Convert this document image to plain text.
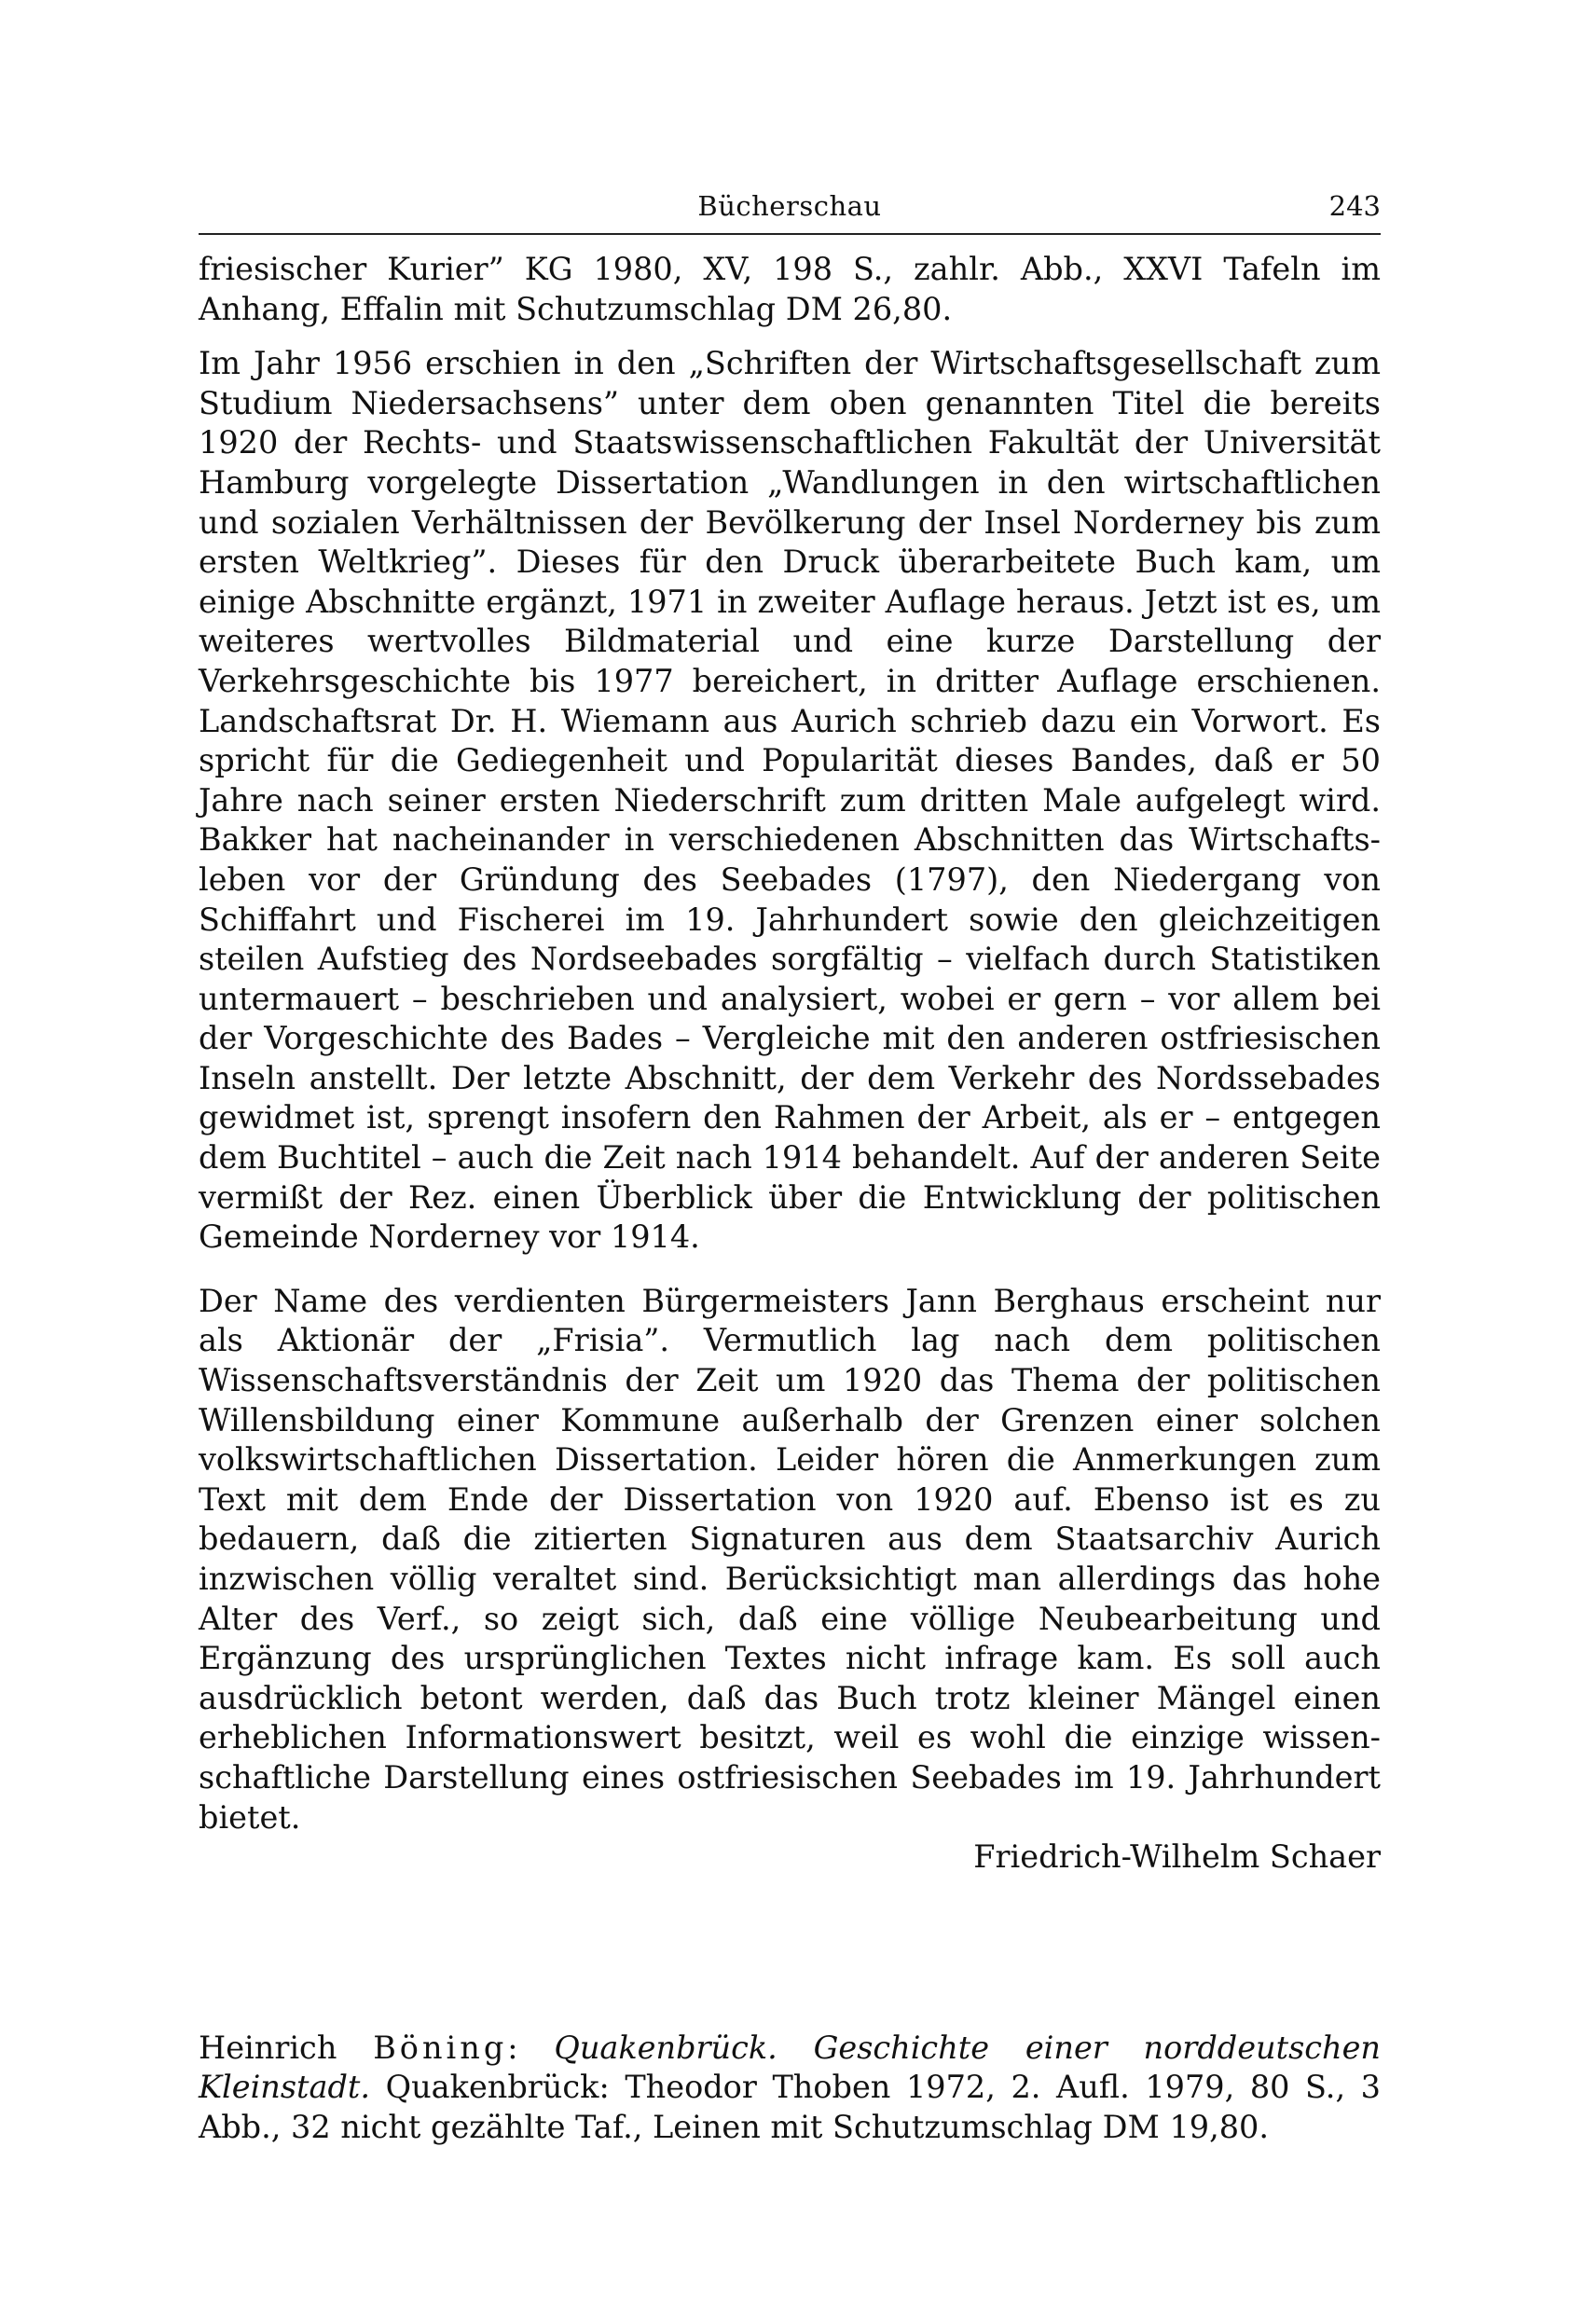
Bücherschau	243

friesischer Kurier” KG 1980, XV, 198 S., zahlr. Abb., XXVI Tafeln im Anhang, Effalin mit Schutzumschlag DM 26,80.

Im Jahr 1956 erschien in den „Schriften der Wirtschaftsgesellschaft zum Studium Niedersachsens” unter dem oben genannten Titel die bereits 1920 der Rechts- und Staatswissenschaftlichen Fakultät der Universität Hamburg vorgelegte Dissertation „Wandlungen in den wirtschaftlichen und sozialen Verhältnissen der Bevölkerung der Insel Norderney bis zum ersten Weltkrieg”. Dieses für den Druck überarbeitete Buch kam, um einige Abschnitte ergänzt, 1971 in zweiter Auflage heraus. Jetzt ist es, um weiteres wertvolles Bildmaterial und eine kurze Darstellung der Verkehrsgeschichte bis 1977 bereichert, in dritter Auflage erschienen. Landschaftsrat Dr. H. Wiemann aus Aurich schrieb dazu ein Vorwort. Es spricht für die Gediegenheit und Popularität dieses Bandes, daß er 50 Jahre nach seiner ersten Niederschrift zum dritten Male aufgelegt wird. Bakker hat nacheinander in verschiedenen Abschnitten das Wirtschaftsleben vor der Gründung des Seebades (1797), den Niedergang von Schiffahrt und Fischerei im 19. Jahrhundert sowie den gleichzeitigen steilen Aufstieg des Nordseebades sorgfältig – vielfach durch Statistiken untermauert – beschrieben und analysiert, wobei er gern – vor allem bei der Vorgeschichte des Bades – Vergleiche mit den anderen ostfriesischen Inseln anstellt. Der letzte Abschnitt, der dem Verkehr des Nordssebades gewidmet ist, sprengt insofern den Rahmen der Arbeit, als er – entgegen dem Buchtitel – auch die Zeit nach 1914 behandelt. Auf der anderen Seite vermißt der Rez. einen Überblick über die Entwicklung der politischen Gemeinde Norderney vor 1914.

Der Name des verdienten Bürgermeisters Jann Berghaus erscheint nur als Aktionär der „Frisia”. Vermutlich lag nach dem politischen Wissenschaftsverständnis der Zeit um 1920 das Thema der politischen Willensbildung einer Kommune außerhalb der Grenzen einer solchen volkswirtschaftlichen Dissertation. Leider hören die Anmerkungen zum Text mit dem Ende der Dissertation von 1920 auf. Ebenso ist es zu bedauern, daß die zitierten Signaturen aus dem Staatsarchiv Aurich inzwischen völlig veraltet sind. Berücksichtigt man allerdings das hohe Alter des Verf., so zeigt sich, daß eine völlige Neubearbeitung und Ergänzung des ursprünglichen Textes nicht infrage kam. Es soll auch ausdrücklich betont werden, daß das Buch trotz kleiner Mängel einen erheblichen Informationswert besitzt, weil es wohl die einzige wissenschaftliche Darstellung eines ostfriesischen Seebades im 19. Jahrhundert bietet.

Friedrich-Wilhelm Schaer

Heinrich Böning: Quakenbrück. Geschichte einer norddeutschen Kleinstadt. Quakenbrück: Theodor Thoben 1972, 2. Aufl. 1979, 80 S., 3 Abb., 32 nicht gezählte Taf., Leinen mit Schutzumschlag DM 19,80.
